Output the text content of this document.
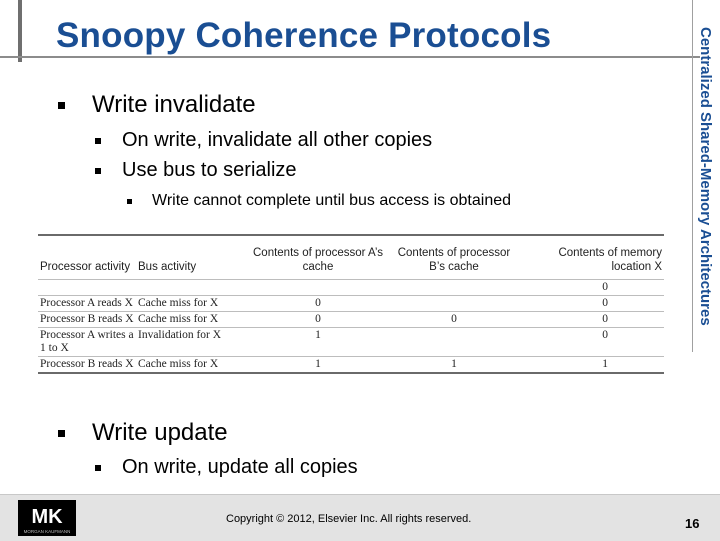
Snoopy Coherence Protocols	Centralized Shared-Memory Architectures
Write invalidate
On write, invalidate all other copies
Use bus to serialize
Write cannot complete until bus access is obtained
Processor activity	Bus activity	Contents of processor A’s cache	Contents of processor B’s cache	Contents of memory location X
				0
Processor A reads X	Cache miss for X	0		0
Processor B reads X	Cache miss for X	0	0	0
Processor A writes a 1 to X	Invalidation for X	1		0
Processor B reads X	Cache miss for X	1	1	1
Write update
On write, update all copies
MK
MORGAN KAUFMANN
Copyright © 2012, Elsevier Inc. All rights reserved.	16
